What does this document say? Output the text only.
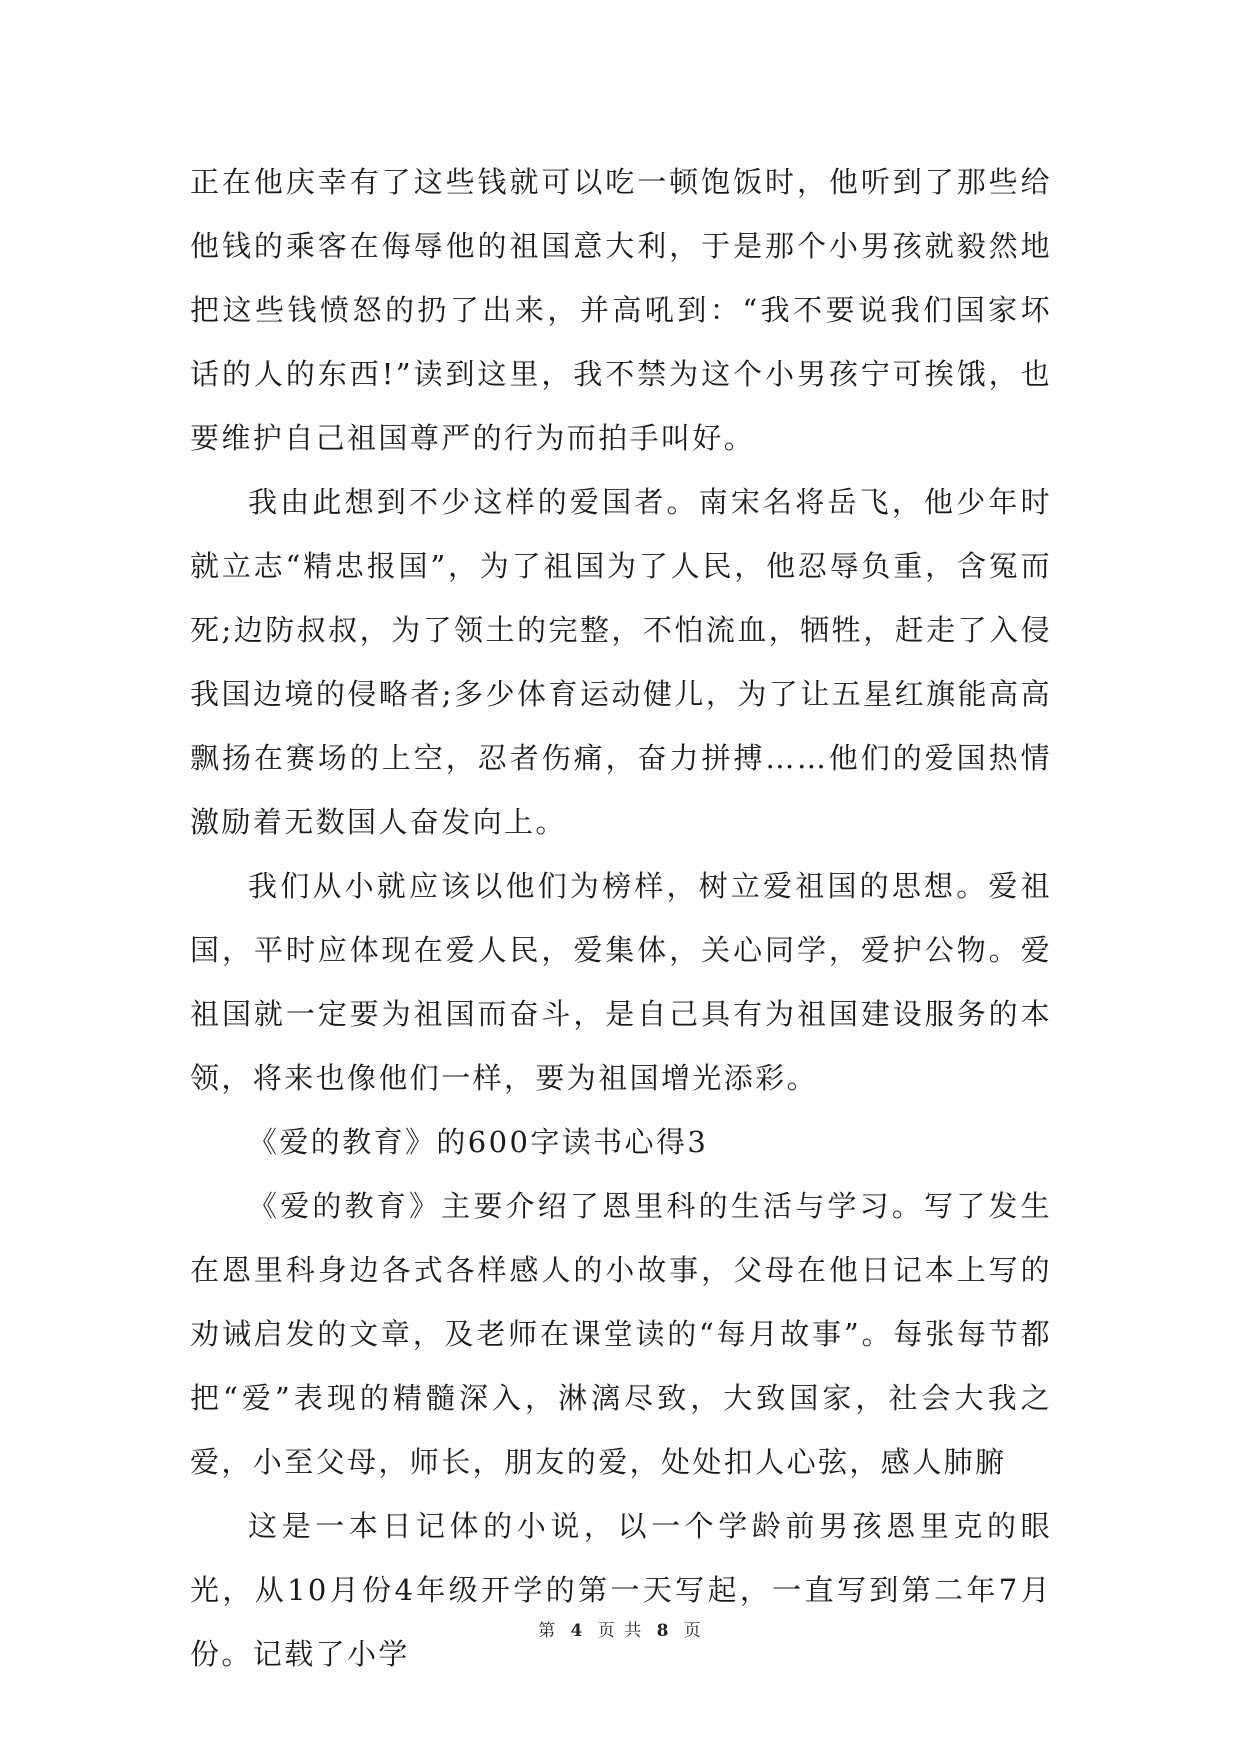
正在他庆幸有了这些钱就可以吃一顿饱饭时，他听到了那些给他钱的乘客在侮辱他的祖国意大利，于是那个小男孩就毅然地把这些钱愤怒的扔了出来，并高吼到：“我不要说我们国家坏话的人的东西!”读到这里，我不禁为这个小男孩宁可挨饿，也要维护自己祖国尊严的行为而拍手叫好。

我由此想到不少这样的爱国者。南宋名将岳飞，他少年时就立志“精忠报国”，为了祖国为了人民，他忍辱负重，含冤而死;边防叔叔，为了领土的完整，不怕流血，牺牲，赶走了入侵我国边境的侵略者;多少体育运动健儿，为了让五星红旗能高高飘扬在赛场的上空，忍者伤痛，奋力拼搏……他们的爱国热情激励着无数国人奋发向上。

我们从小就应该以他们为榜样，树立爱祖国的思想。爱祖国，平时应体现在爱人民，爱集体，关心同学，爱护公物。爱祖国就一定要为祖国而奋斗，是自己具有为祖国建设服务的本领，将来也像他们一样，要为祖国增光添彩。

《爱的教育》的600字读书心得3

《爱的教育》主要介绍了恩里科的生活与学习。写了发生在恩里科身边各式各样感人的小故事，父母在他日记本上写的劝诫启发的文章，及老师在课堂读的“每月故事”。每张每节都把“爱”表现的精髓深入，淋漓尽致，大致国家，社会大我之爱，小至父母，师长，朋友的爱，处处扣人心弦，感人肺腑

这是一本日记体的小说，以一个学龄前男孩恩里克的眼光，从10月份4年级开学的第一天写起，一直写到第二年7月份。记载了小学

第 4 页 共 8 页
